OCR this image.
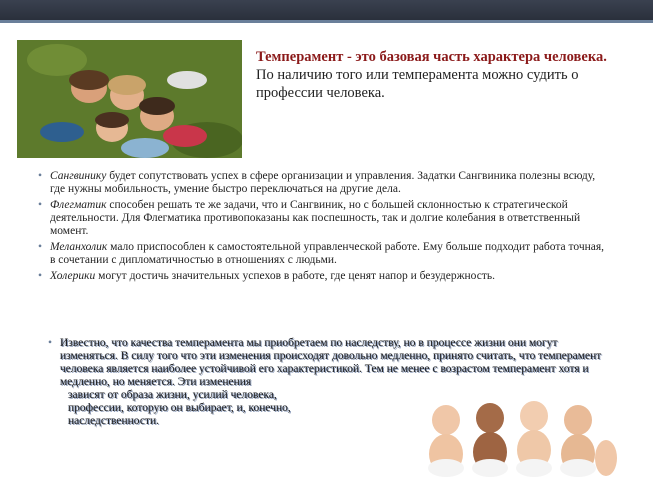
Темперамент - это базовая часть характера человека. По наличию того или темперамента можно судить о профессии человека.
• Сангвинику будет сопутствовать успех в сфере организации и управления. Задатки Сангвиника полезны всюду, где нужны мобильность, умение быстро переключаться на другие дела.
• Флегматик способен решать те же задачи, что и Сангвиник, но с большей склонностью к стратегической деятельности. Для Флегматика противопоказаны как поспешность, так и долгие колебания в ответственный момент.
• Меланхолик мало приспособлен к самостоятельной управленческой работе. Ему больше подходит работа точная, в сочетании с дипломатичностью в отношениях с людьми.
• Холерики могут достичь значительных успехов в работе, где ценят напор и безудержность.
• Известно, что качества темперамента мы приобретаем по наследству, но в процессе жизни они могут изменяться. В силу того что эти изменения происходят довольно медленно, принято считать, что темперамент человека является наиболее устойчивой его характеристикой. Тем не менее с возрастом темперамент хотя и медленно, но меняется. Эти изменения
зависят от образа жизни, усилий человека,
профессии, которую он выбирает, и, конечно,
наследственности.
